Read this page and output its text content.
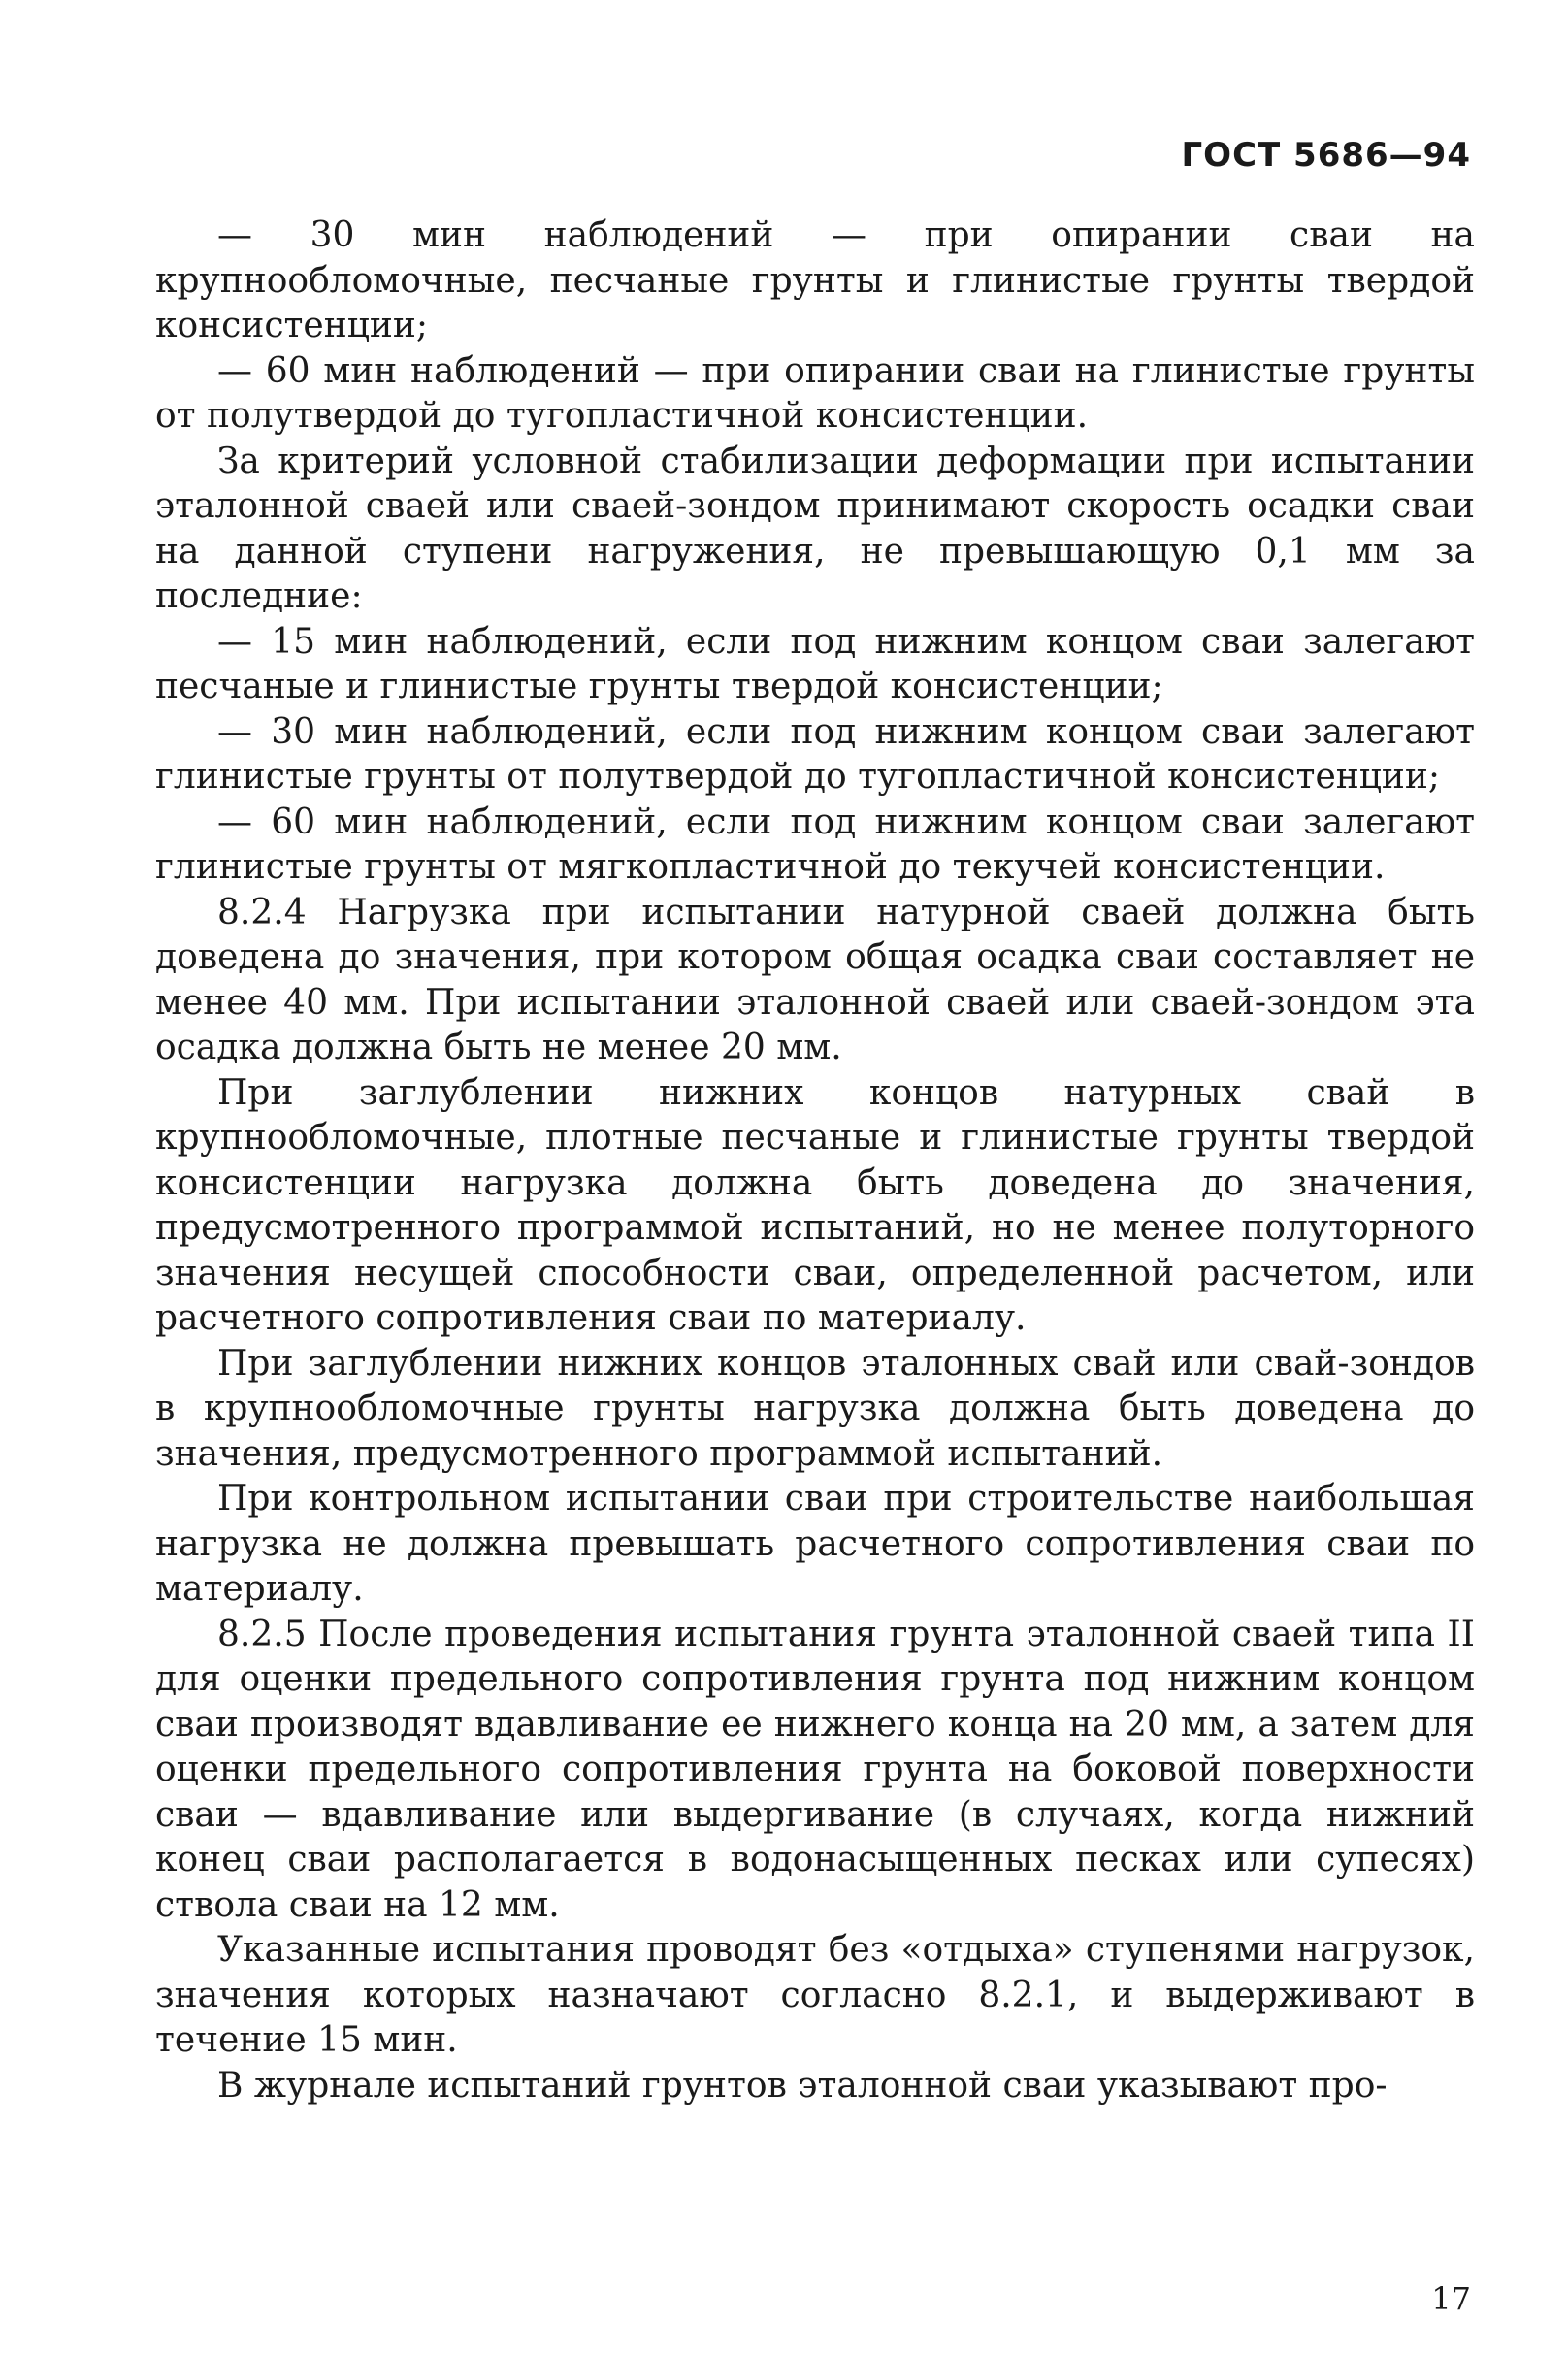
ГОСТ 5686—94

— 30 мин наблюдений — при опирании сваи на крупнообломочные, песчаные грунты и глинистые грунты твердой консистенции;

— 60 мин наблюдений — при опирании сваи на глинистые грунты от полутвердой до тугопластичной консистенции.

За критерий условной стабилизации деформации при испытании эталонной сваей или сваей-зондом принимают скорость осадки сваи на данной ступени нагружения, не превышающую 0,1 мм за последние:

— 15 мин наблюдений, если под нижним концом сваи залегают песчаные и глинистые грунты твердой консистенции;

— 30 мин наблюдений, если под нижним концом сваи залегают глинистые грунты от полутвердой до тугопластичной консистенции;

— 60 мин наблюдений, если под нижним концом сваи залегают глинистые грунты от мягкопластичной до текучей консистенции.

8.2.4 Нагрузка при испытании натурной сваей должна быть доведена до значения, при котором общая осадка сваи составляет не менее 40 мм. При испытании эталонной сваей или сваей-зондом эта осадка должна быть не менее 20 мм.

При заглублении нижних концов натурных свай в крупнообломочные, плотные песчаные и глинистые грунты твердой консистенции нагрузка должна быть доведена до значения, предусмотренного программой испытаний, но не менее полуторного значения несущей способности сваи, определенной расчетом, или расчетного сопротивления сваи по материалу.

При заглублении нижних концов эталонных свай или свай-зондов в крупнообломочные грунты нагрузка должна быть доведена до значения, предусмотренного программой испытаний.

При контрольном испытании сваи при строительстве наибольшая нагрузка не должна превышать расчетного сопротивления сваи по материалу.

8.2.5 После проведения испытания грунта эталонной сваей типа II для оценки предельного сопротивления грунта под нижним концом сваи производят вдавливание ее нижнего конца на 20 мм, а затем для оценки предельного сопротивления грунта на боковой поверхности сваи — вдавливание или выдергивание (в случаях, когда нижний конец сваи располагается в водонасыщенных песках или супесях) ствола сваи на 12 мм.

Указанные испытания проводят без «отдыха» ступенями нагрузок, значения которых назначают согласно 8.2.1, и выдерживают в течение 15 мин.

В журнале испытаний грунтов эталонной сваи указывают про-

17
